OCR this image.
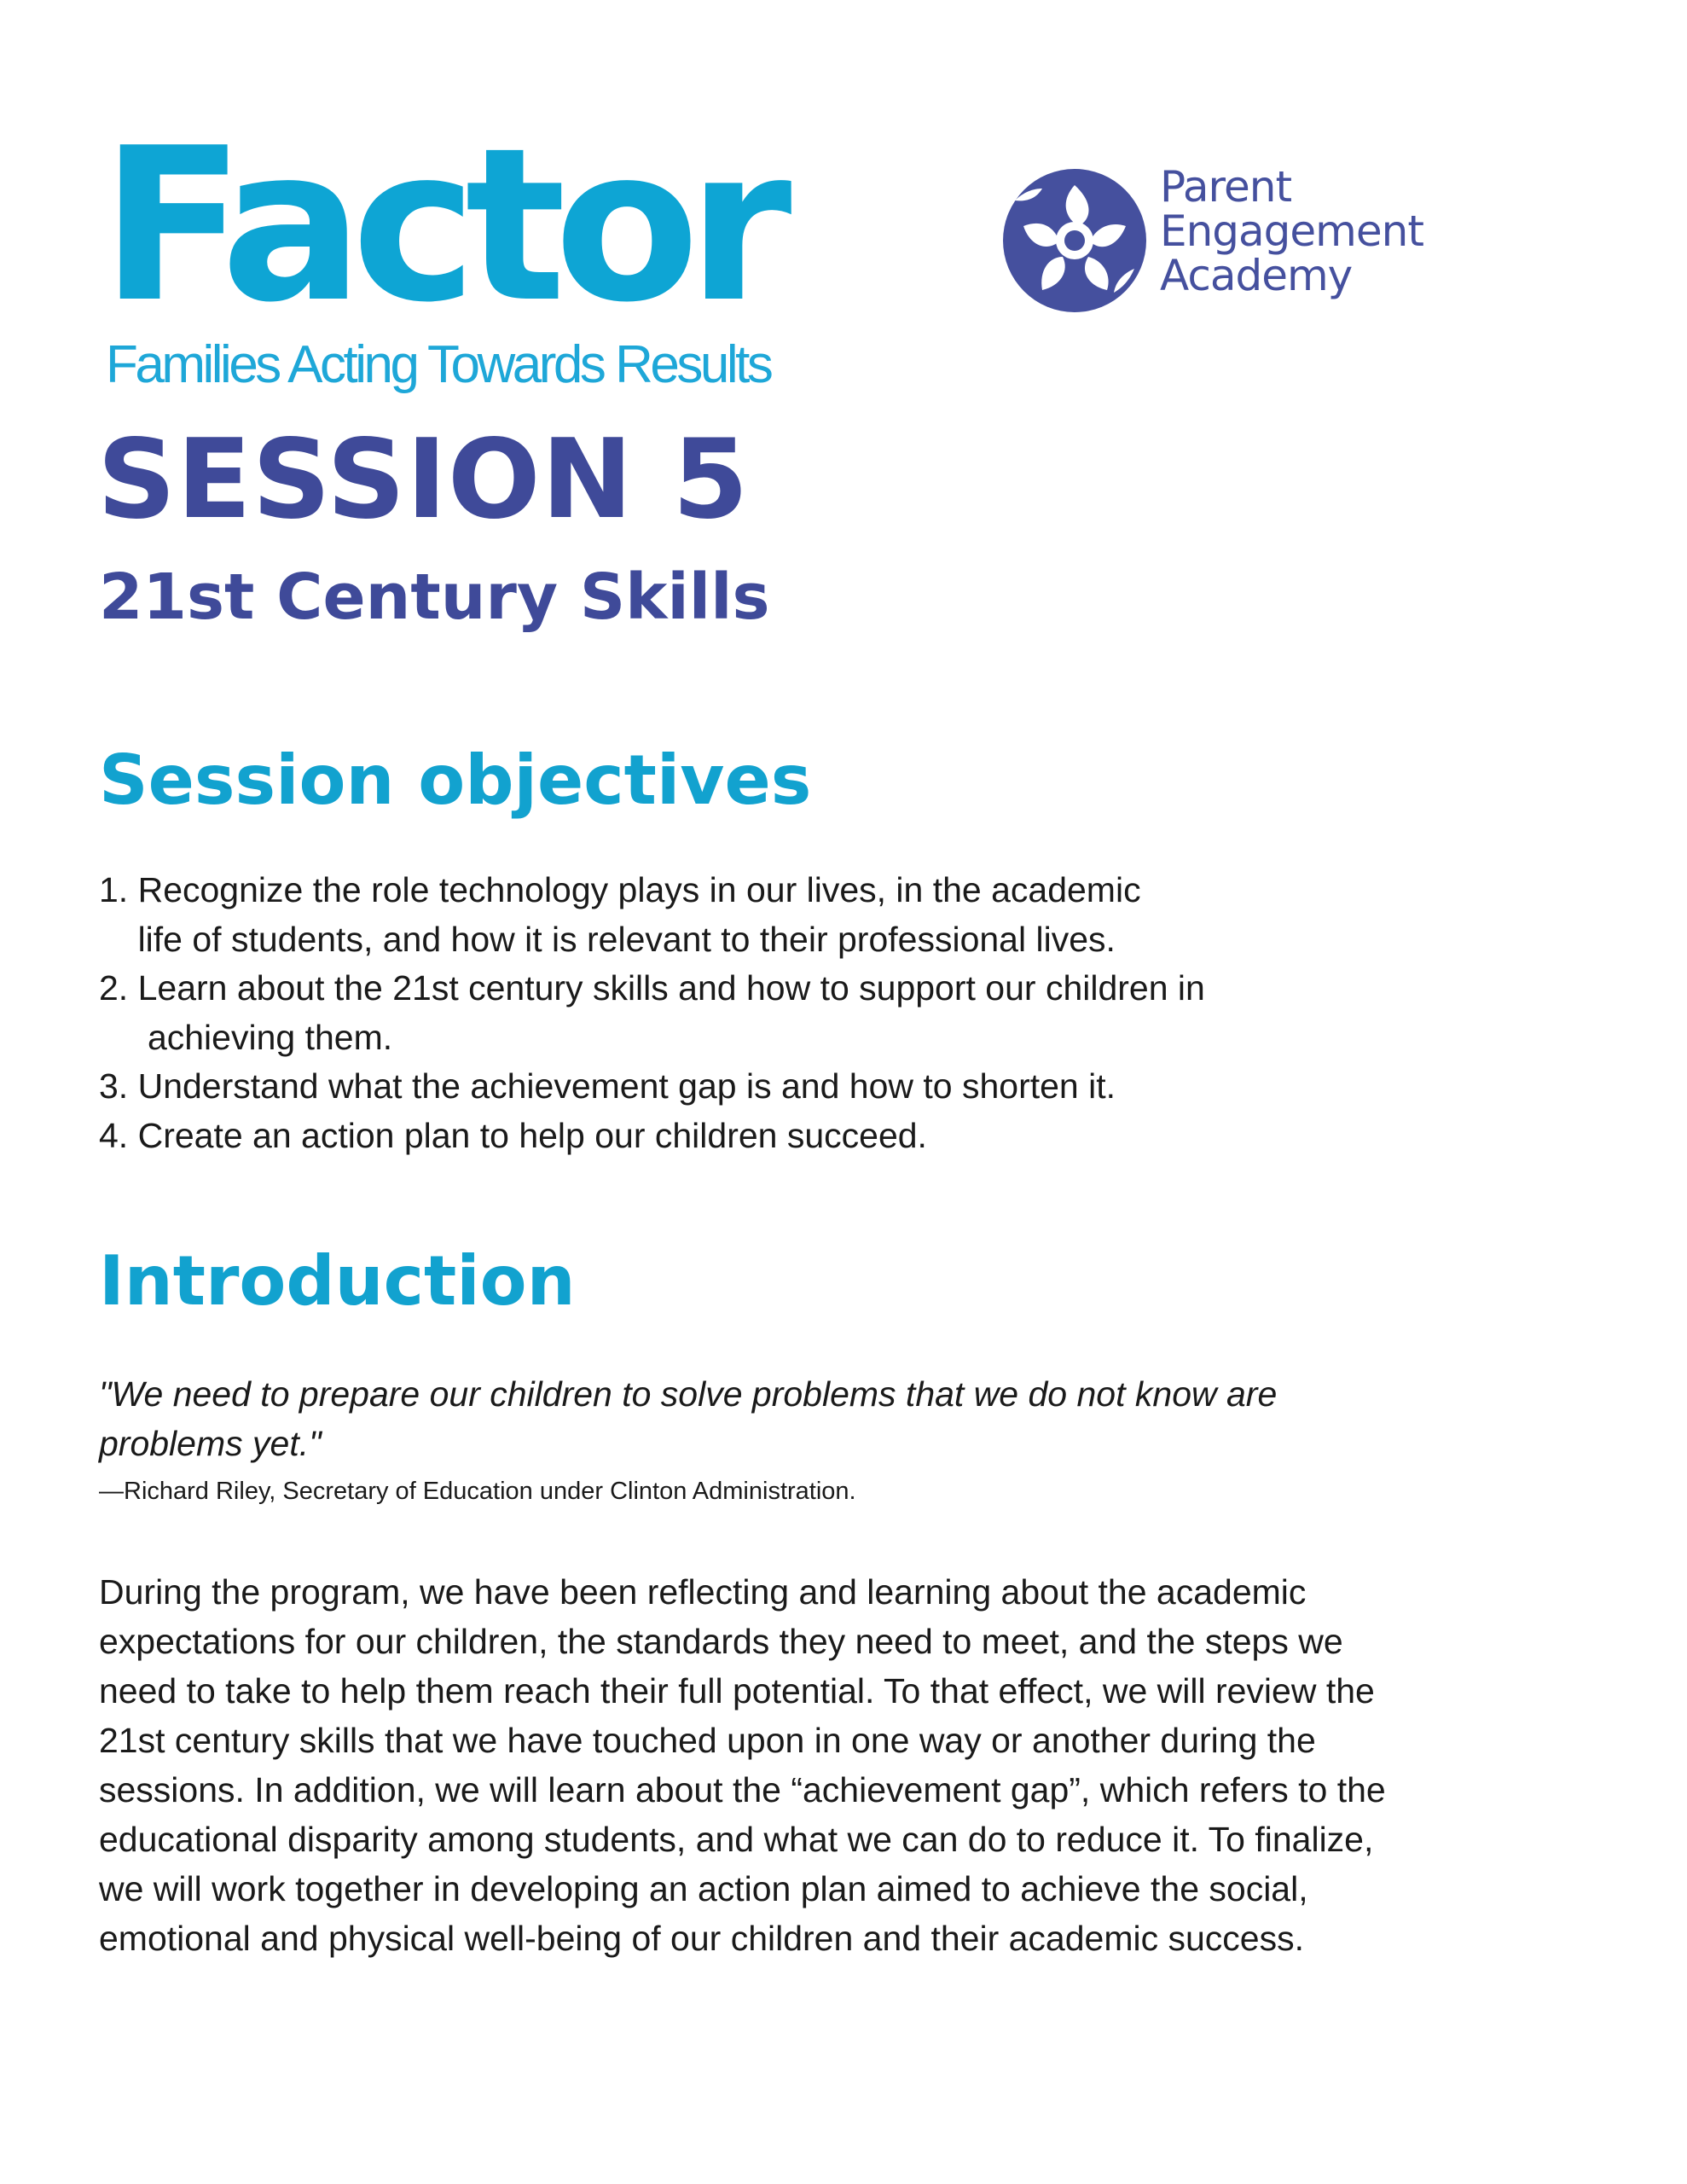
Factor
Families Acting Towards Results
Parent
Engagement
Academy
SESSION 5
21st Century Skills
Session objectives
1. Recognize the role technology plays in our lives, in the academic
life of students, and how it is relevant to their professional lives.
2. Learn about the 21st century skills and how to support our children in
achieving them.
3. Understand what the achievement gap is and how to shorten it.
4. Create an action plan to help our children succeed.
Introduction
"We need to prepare our children to solve problems that we do not know are
problems yet."
—Richard Riley, Secretary of Education under Clinton Administration.
During the program, we have been reflecting and learning about the academic
expectations for our children, the standards they need to meet, and the steps we
need to take to help them reach their full potential. To that effect, we will review the
21st century skills that we have touched upon in one way or another during the
sessions. In addition, we will learn about the “achievement gap”, which refers to the
educational disparity among students, and what we can do to reduce it. To finalize,
we will work together in developing an action plan aimed to achieve the social,
emotional and physical well-being of our children and their academic success.
